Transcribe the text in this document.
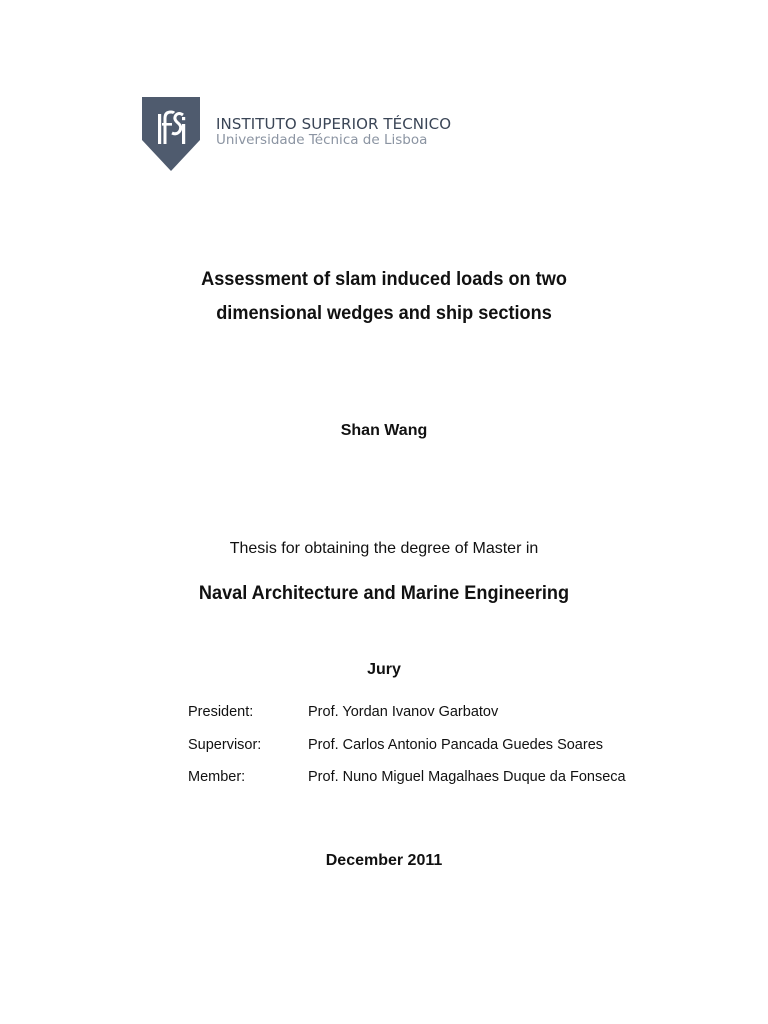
INSTITUTO SUPERIOR TÉCNICO
Universidade Técnica de Lisboa
Assessment of slam induced loads on two
dimensional wedges and ship sections
Shan Wang
Thesis for obtaining the degree of Master in
Naval Architecture and Marine Engineering
Jury
President:	Prof. Yordan Ivanov Garbatov
Supervisor:	Prof. Carlos Antonio Pancada Guedes Soares
Member:	Prof. Nuno Miguel Magalhaes Duque da Fonseca
December 2011
